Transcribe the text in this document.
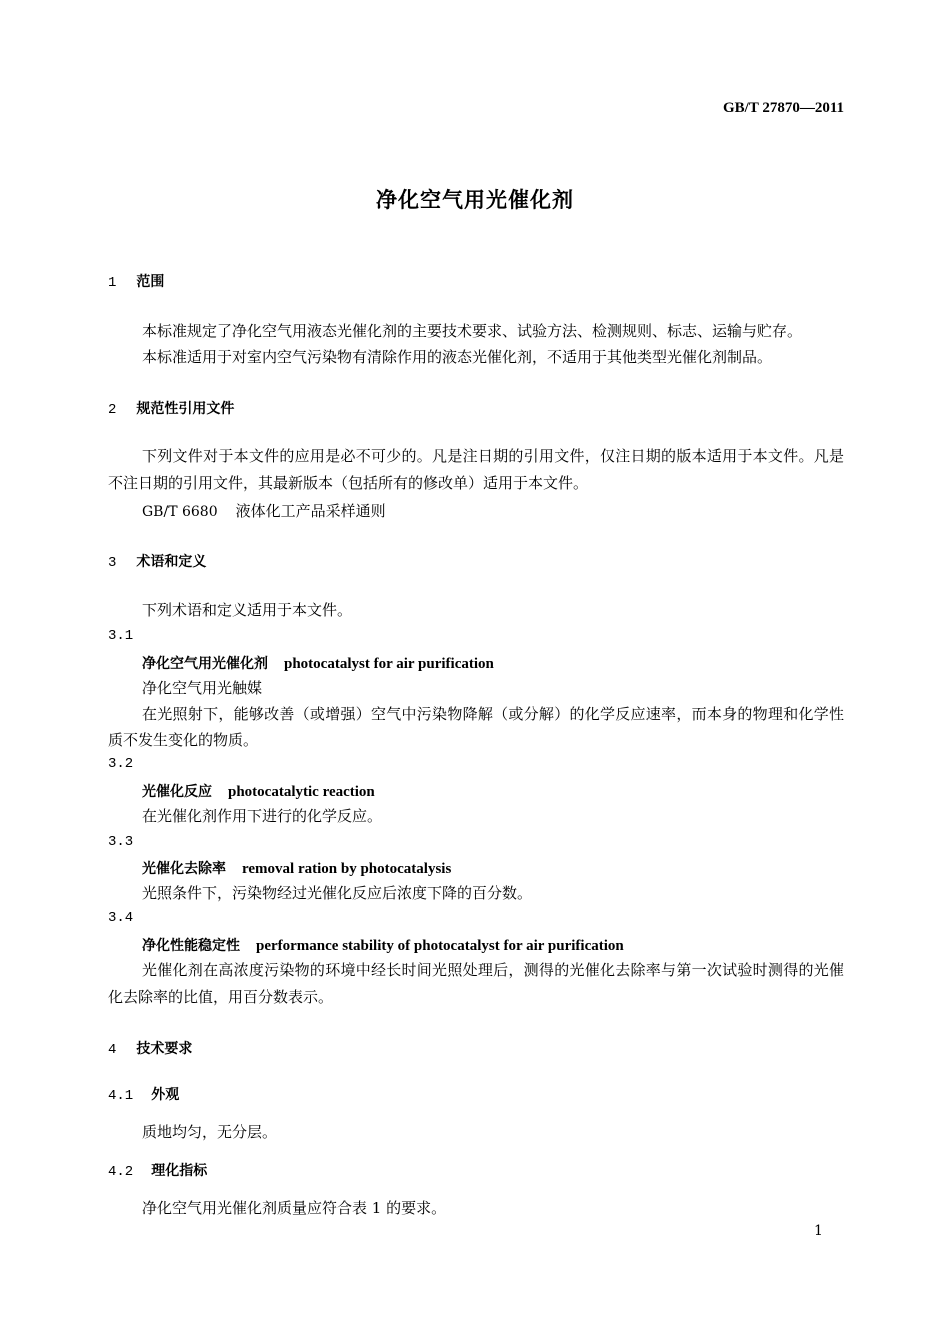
GB/T 27870—2011
净化空气用光催化剂
1 范围
本标准规定了净化空气用液态光催化剂的主要技术要求、试验方法、检测规则、标志、运输与贮存。
本标准适用于对室内空气污染物有清除作用的液态光催化剂，不适用于其他类型光催化剂制品。
2 规范性引用文件
下列文件对于本文件的应用是必不可少的。凡是注日期的引用文件，仅注日期的版本适用于本文件。凡是不注日期的引用文件，其最新版本（包括所有的修改单）适用于本文件。
GB/T 6680 液体化工产品采样通则
3 术语和定义
下列术语和定义适用于本文件。
3.1
净化空气用光催化剂 photocatalyst for air purification
净化空气用光触媒
在光照射下，能够改善（或增强）空气中污染物降解（或分解）的化学反应速率，而本身的物理和化学性质不发生变化的物质。
3.2
光催化反应 photocatalytic reaction
在光催化剂作用下进行的化学反应。
3.3
光催化去除率 removal ration by photocatalysis
光照条件下，污染物经过光催化反应后浓度下降的百分数。
3.4
净化性能稳定性 performance stability of photocatalyst for air purification
光催化剂在高浓度污染物的环境中经长时间光照处理后，测得的光催化去除率与第一次试验时测得的光催化去除率的比值，用百分数表示。
4 技术要求
4.1 外观
质地均匀，无分层。
4.2 理化指标
净化空气用光催化剂质量应符合表 1 的要求。
1
